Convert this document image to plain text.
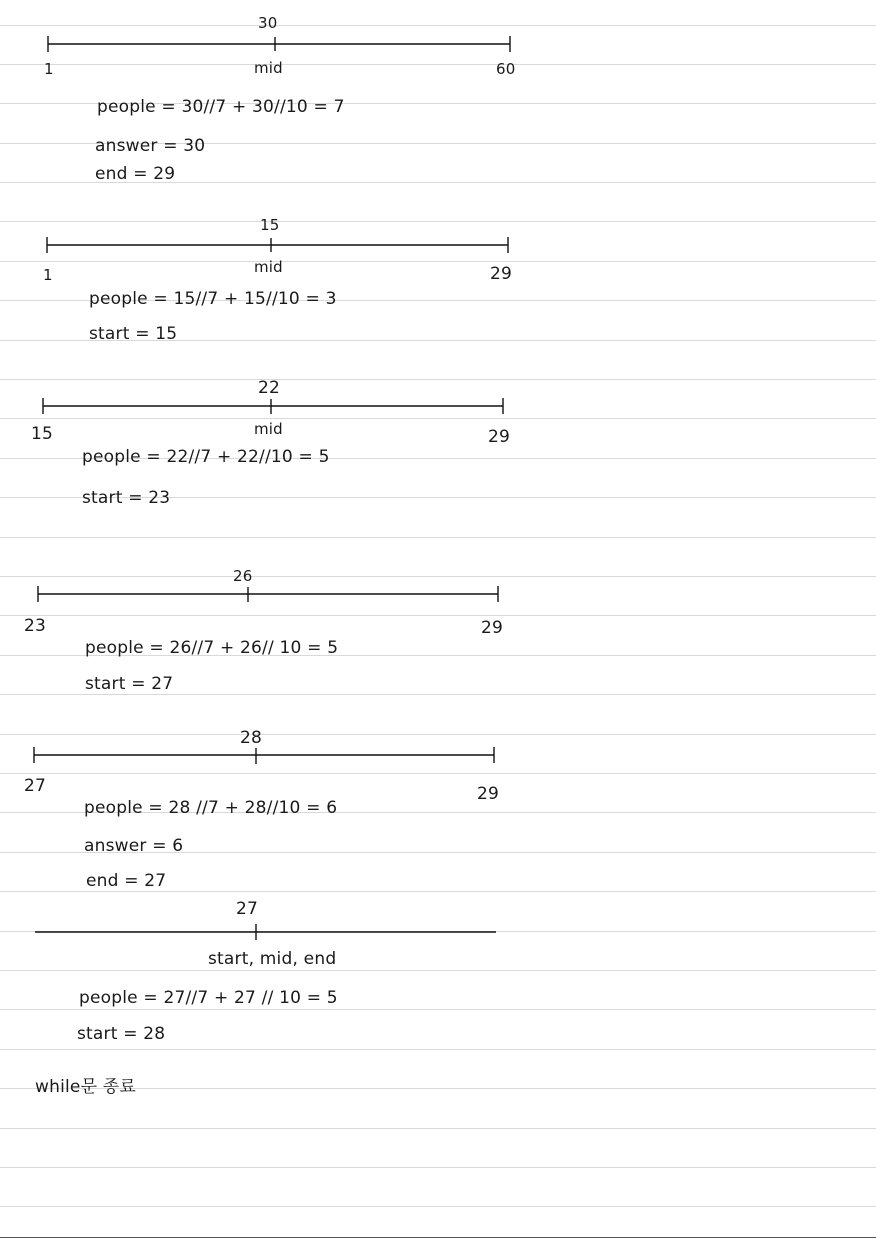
30
1	mid	60
people = 30//7 + 30//10 = 7
answer = 30
end = 29
15
1	mid	29
people = 15//7 + 15//10 = 3
start = 15
22
15	mid	29
people = 22//7 + 22//10 = 5
start = 23
26
23	29
people = 26//7 + 26// 10 = 5
start = 27
28
27	29
people = 28 //7 + 28//10 = 6
answer = 6
end = 27
27
start, mid, end
people = 27//7 + 27 // 10 = 5
start = 28
while문 종료
